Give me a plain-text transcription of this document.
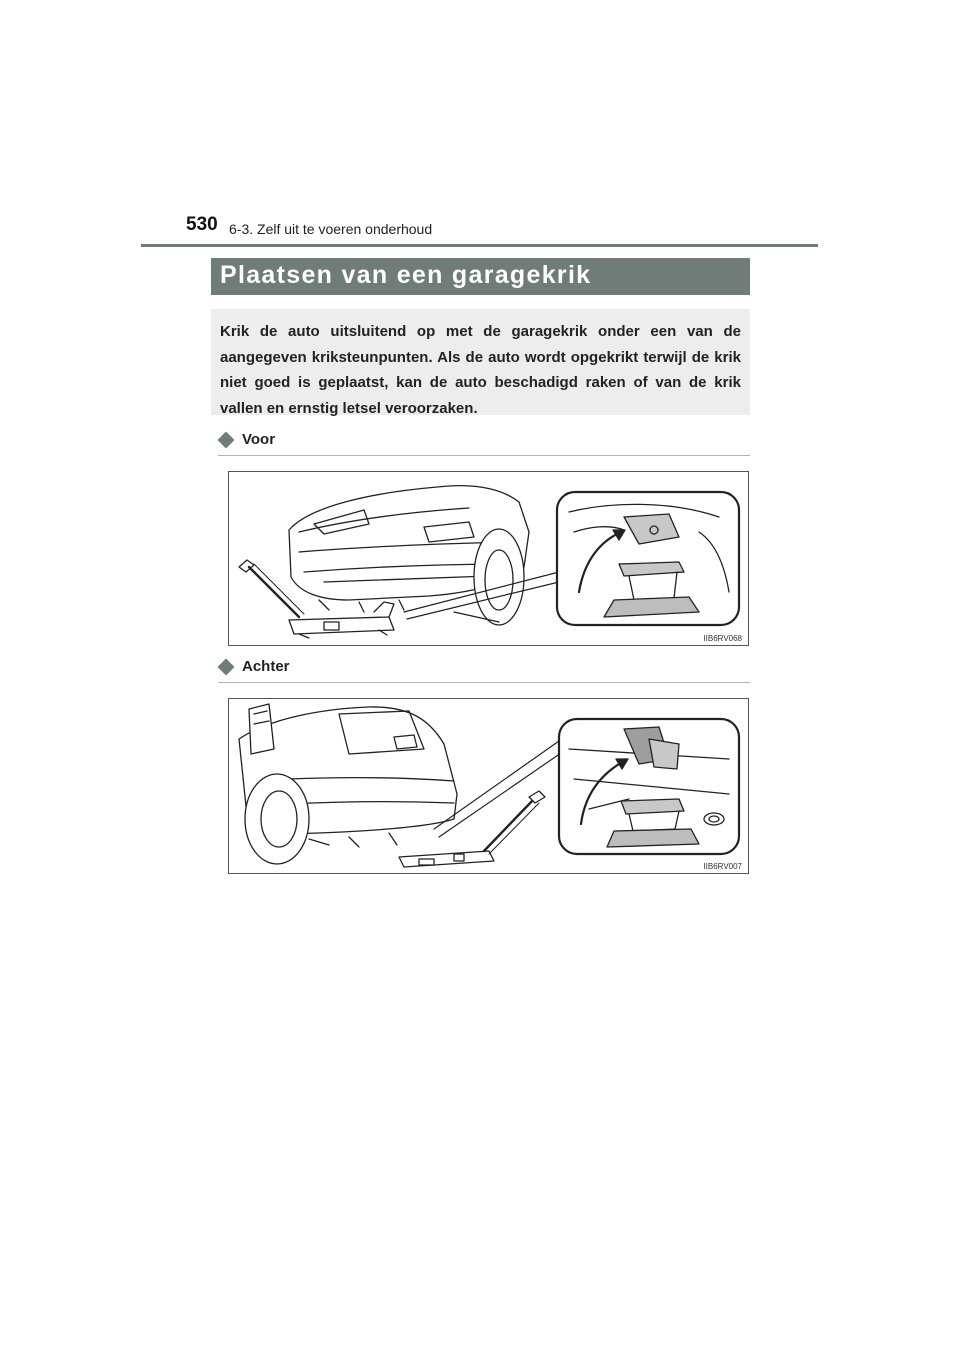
530 6-3. Zelf uit te voeren onderhoud
Plaatsen van een garagekrik

Krik de auto uitsluitend op met de garagekrik onder een van de aangegeven kriksteunpunten. Als de auto wordt opgekrikt terwijl de krik niet goed is geplaatst, kan de auto beschadigd raken of van de krik vallen en ernstig letsel veroorzaken.

Voor
IIB6RV068
Achter
IIB6RV007
